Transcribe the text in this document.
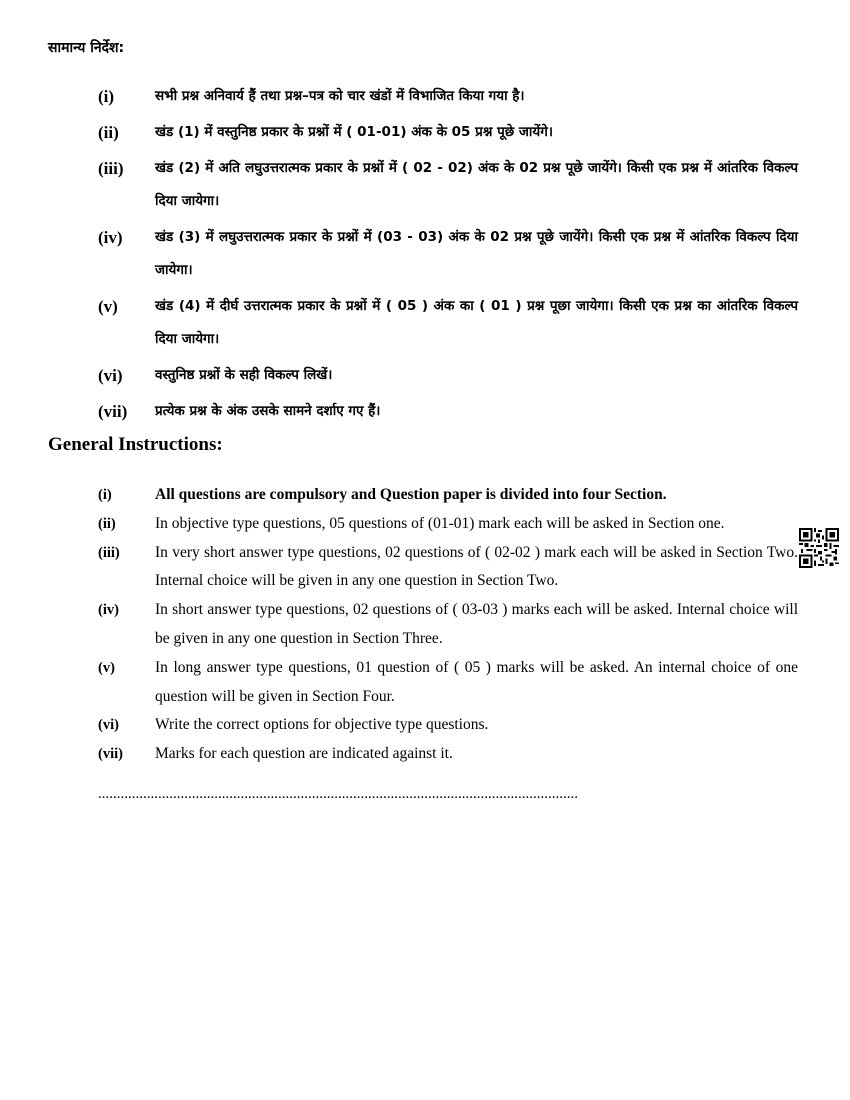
सामान्य निर्देश:
(i)	सभी प्रश्न अनिवार्य हैं तथा प्रश्न–पत्र को चार खंडों में विभाजित किया गया है।
(ii)	खंड (1) में वस्तुनिष्ठ प्रकार के प्रश्नों में ( 01-01) अंक के 05 प्रश्न पूछे जायेंगे।
(iii)	खंड (2) में अति लघुउत्तरात्मक प्रकार के प्रश्नों में ( 02 - 02) अंक के 02 प्रश्न पूछे जायेंगे। किसी एक प्रश्न में आंतरिक विकल्प दिया जायेगा।
(iv)	खंड (3) में लघुउत्तरात्मक प्रकार के प्रश्नों में (03 - 03) अंक के 02 प्रश्न पूछे जायेंगे। किसी एक प्रश्न में आंतरिक विकल्प दिया जायेगा।
(v)	खंड (4) में दीर्घ उत्तरात्मक प्रकार के प्रश्नों में ( 05 ) अंक का ( 01 ) प्रश्न पूछा जायेगा। किसी एक प्रश्न का आंतरिक विकल्प दिया जायेगा।
(vi)	वस्तुनिष्ठ प्रश्नों के सही विकल्प लिखें।
(vii)	प्रत्येक प्रश्न के अंक उसके सामने दर्शाए गए हैं।
General Instructions:
(i)	All questions are compulsory and Question paper is divided into four Section.
(ii)	In objective type questions, 05 questions of (01-01) mark each will be asked in Section one.
(iii)	In very short answer type questions, 02 questions of ( 02-02 ) mark each will be asked in Section Two. Internal choice will be given in any one question in Section Two.
(iv)	In short answer type questions, 02 questions of ( 03-03 ) marks each will be asked. Internal choice will be given in any one question in Section Three.
(v)	In long answer type questions, 01 question of ( 05 ) marks will be asked. An internal choice of one question will be given in Section Four.
(vi)	Write the correct options for objective type questions.
(vii)	Marks for each question are indicated against it.
................................................................................................................................
